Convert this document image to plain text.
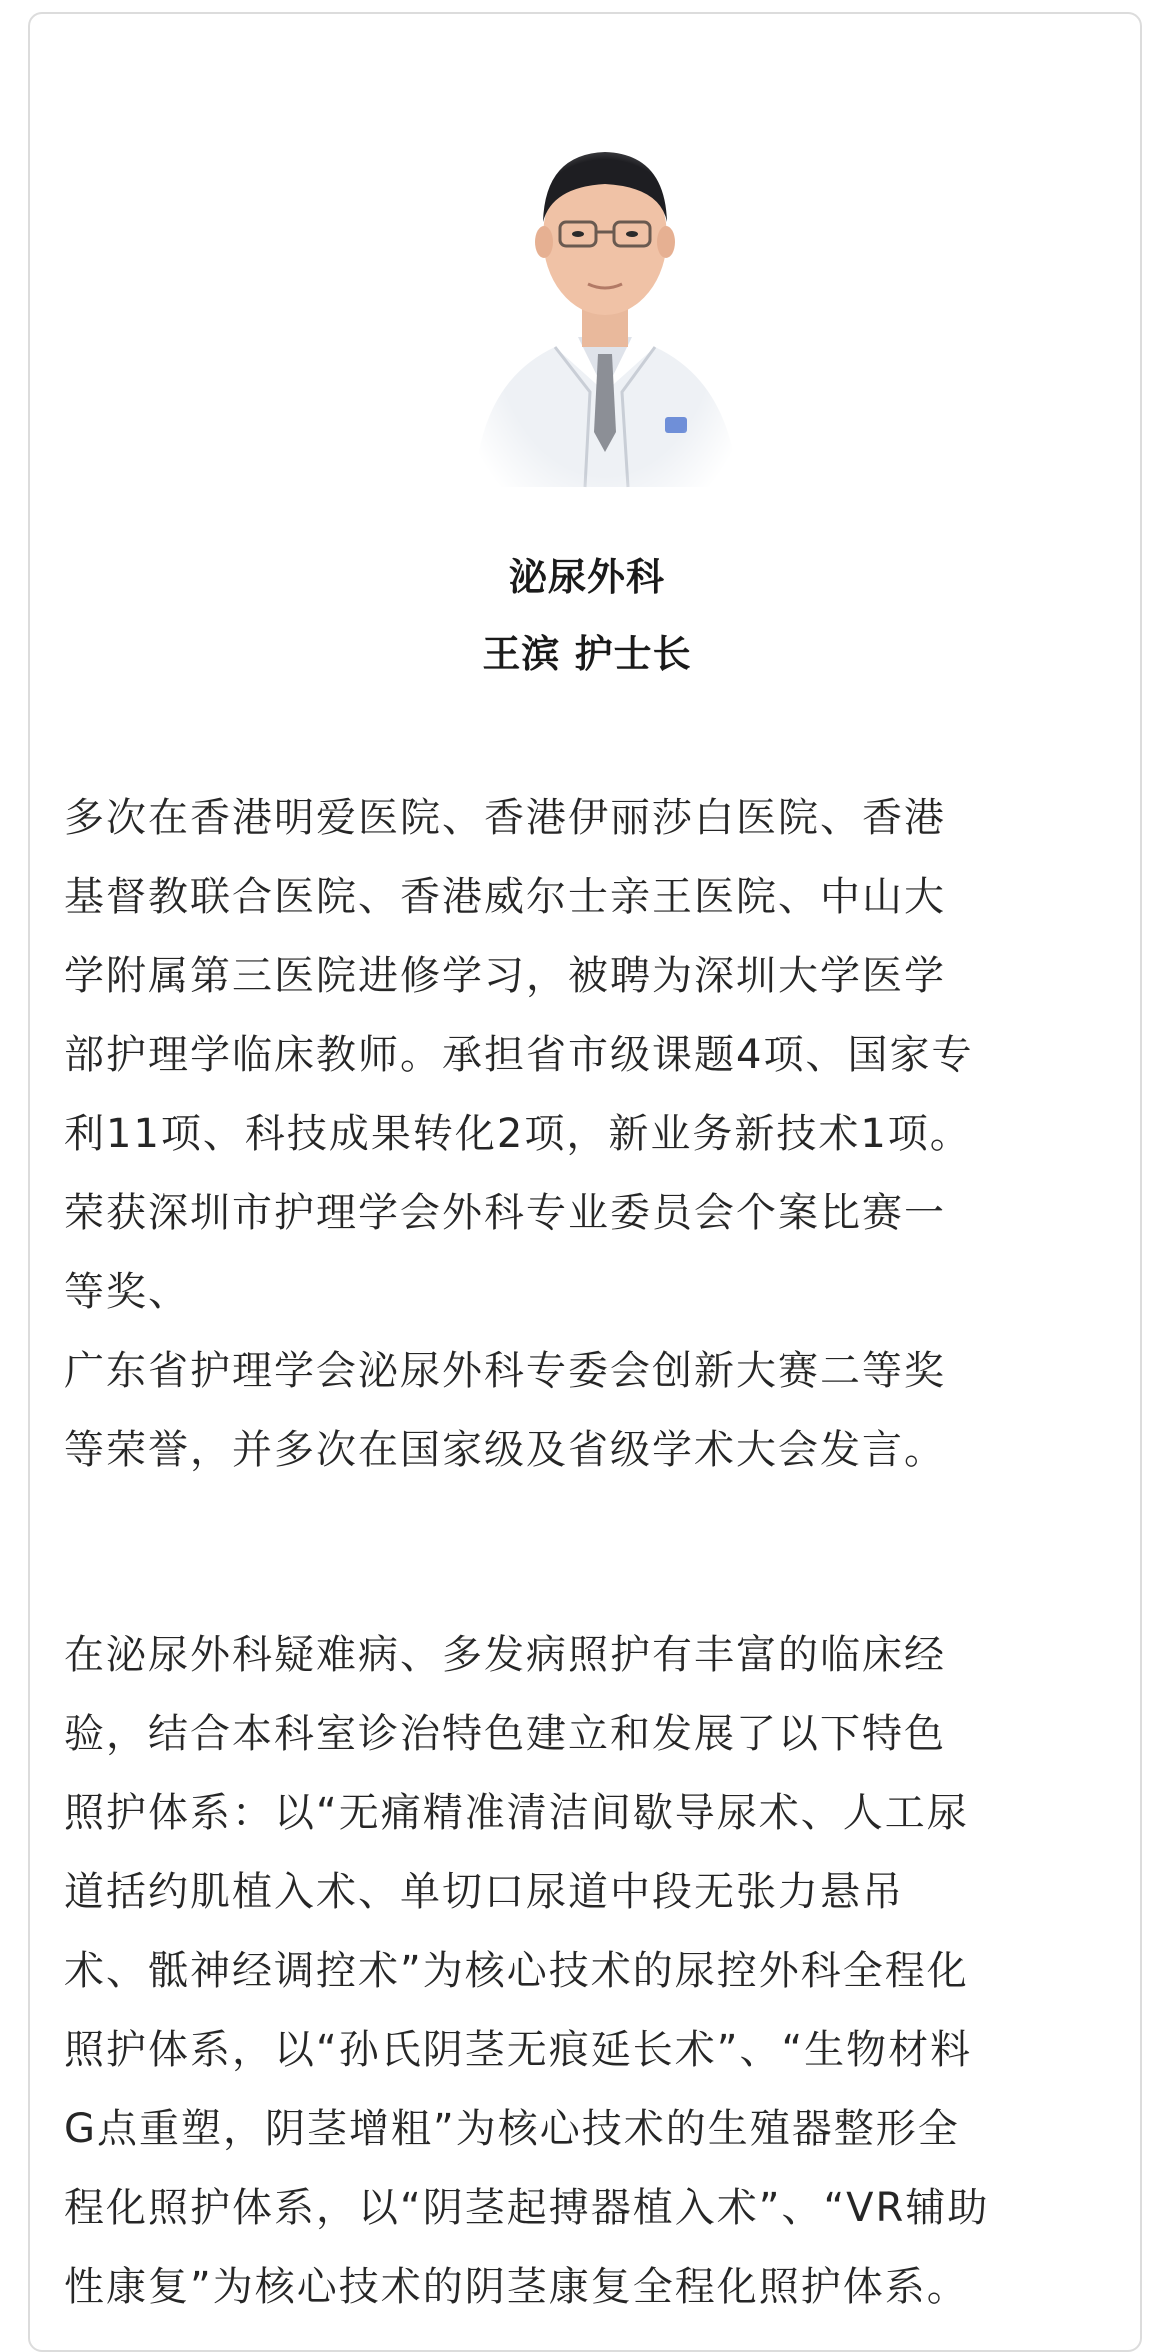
泌尿外科
王滨 护士长

多次在香港明爱医院、香港伊丽莎白医院、香港
基督教联合医院、香港威尔士亲王医院、中山大
学附属第三医院进修学习，被聘为深圳大学医学
部护理学临床教师。承担省市级课题4项、国家专
利11项、科技成果转化2项，新业务新技术1项。
荣获深圳市护理学会外科专业委员会个案比赛一
等奖、
广东省护理学会泌尿外科专委会创新大赛二等奖
等荣誉，并多次在国家级及省级学术大会发言。

在泌尿外科疑难病、多发病照护有丰富的临床经
验，结合本科室诊治特色建立和发展了以下特色
照护体系：以“无痛精准清洁间歇导尿术、人工尿
道括约肌植入术、单切口尿道中段无张力悬吊
术、骶神经调控术”为核心技术的尿控外科全程化
照护体系，以“孙氏阴茎无痕延长术”、“生物材料
G点重塑，阴茎增粗”为核心技术的生殖器整形全
程化照护体系，以“阴茎起搏器植入术”、“VR辅助
性康复”为核心技术的阴茎康复全程化照护体系。
